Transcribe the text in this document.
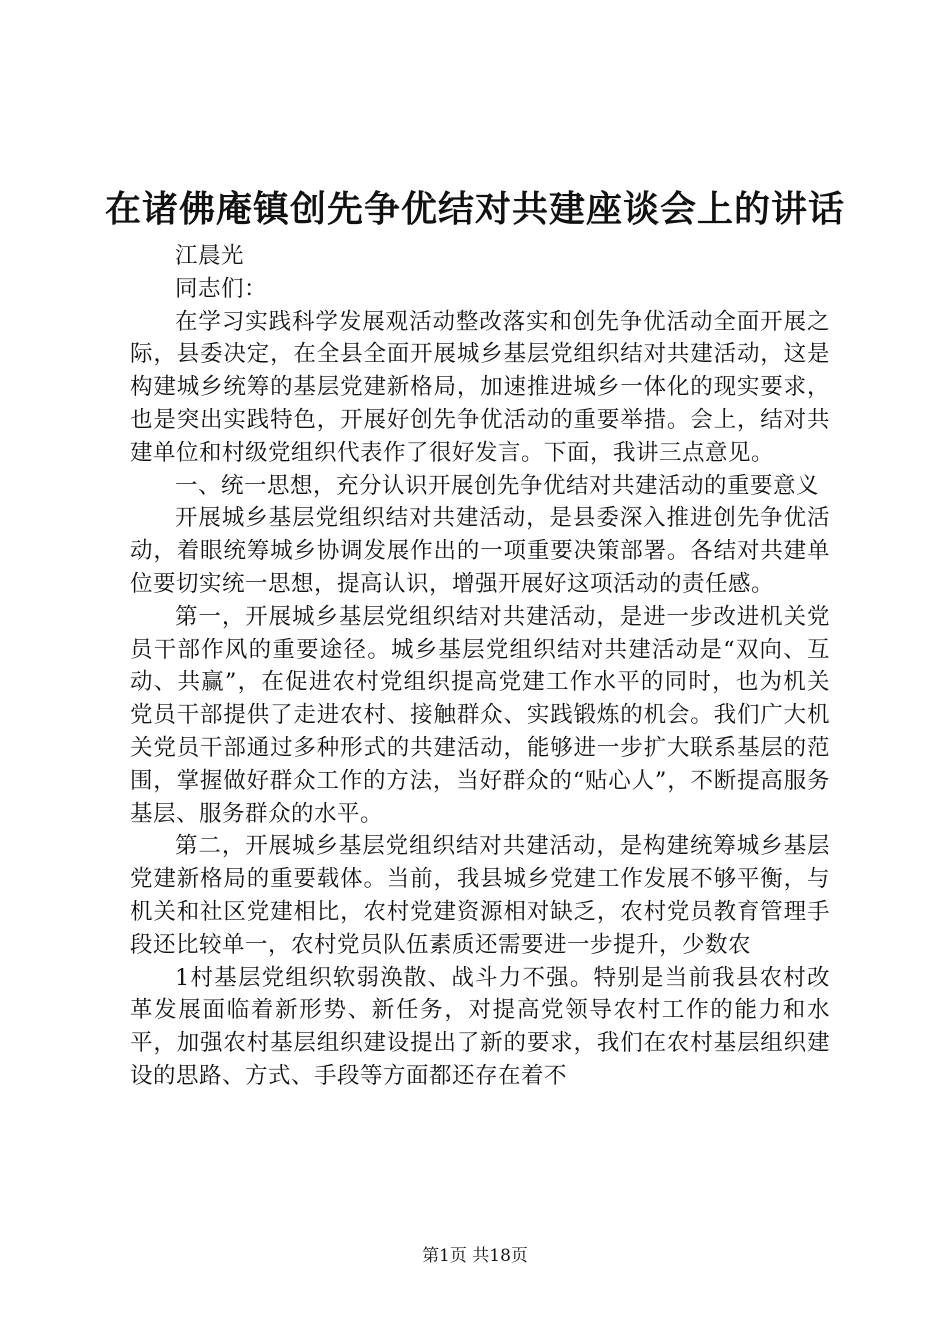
在诸佛庵镇创先争优结对共建座谈会上的讲话

江晨光

同志们：

在学习实践科学发展观活动整改落实和创先争优活动全面开展之际，县委决定，在全县全面开展城乡基层党组织结对共建活动，这是构建城乡统筹的基层党建新格局，加速推进城乡一体化的现实要求，也是突出实践特色，开展好创先争优活动的重要举措。会上，结对共建单位和村级党组织代表作了很好发言。下面，我讲三点意见。

一、统一思想，充分认识开展创先争优结对共建活动的重要意义

开展城乡基层党组织结对共建活动，是县委深入推进创先争优活动，着眼统筹城乡协调发展作出的一项重要决策部署。各结对共建单位要切实统一思想，提高认识，增强开展好这项活动的责任感。

第一，开展城乡基层党组织结对共建活动，是进一步改进机关党员干部作风的重要途径。城乡基层党组织结对共建活动是“双向、互动、共赢”，在促进农村党组织提高党建工作水平的同时，也为机关党员干部提供了走进农村、接触群众、实践锻炼的机会。我们广大机关党员干部通过多种形式的共建活动，能够进一步扩大联系基层的范围，掌握做好群众工作的方法，当好群众的“贴心人”，不断提高服务基层、服务群众的水平。

第二，开展城乡基层党组织结对共建活动，是构建统筹城乡基层党建新格局的重要载体。当前，我县城乡党建工作发展不够平衡，与机关和社区党建相比，农村党建资源相对缺乏，农村党员教育管理手段还比较单一，农村党员队伍素质还需要进一步提升，少数农

1村基层党组织软弱涣散、战斗力不强。特别是当前我县农村改革发展面临着新形势、新任务，对提高党领导农村工作的能力和水平，加强农村基层组织建设提出了新的要求，我们在农村基层组织建设的思路、方式、手段等方面都还存在着不

第1页 共18页
